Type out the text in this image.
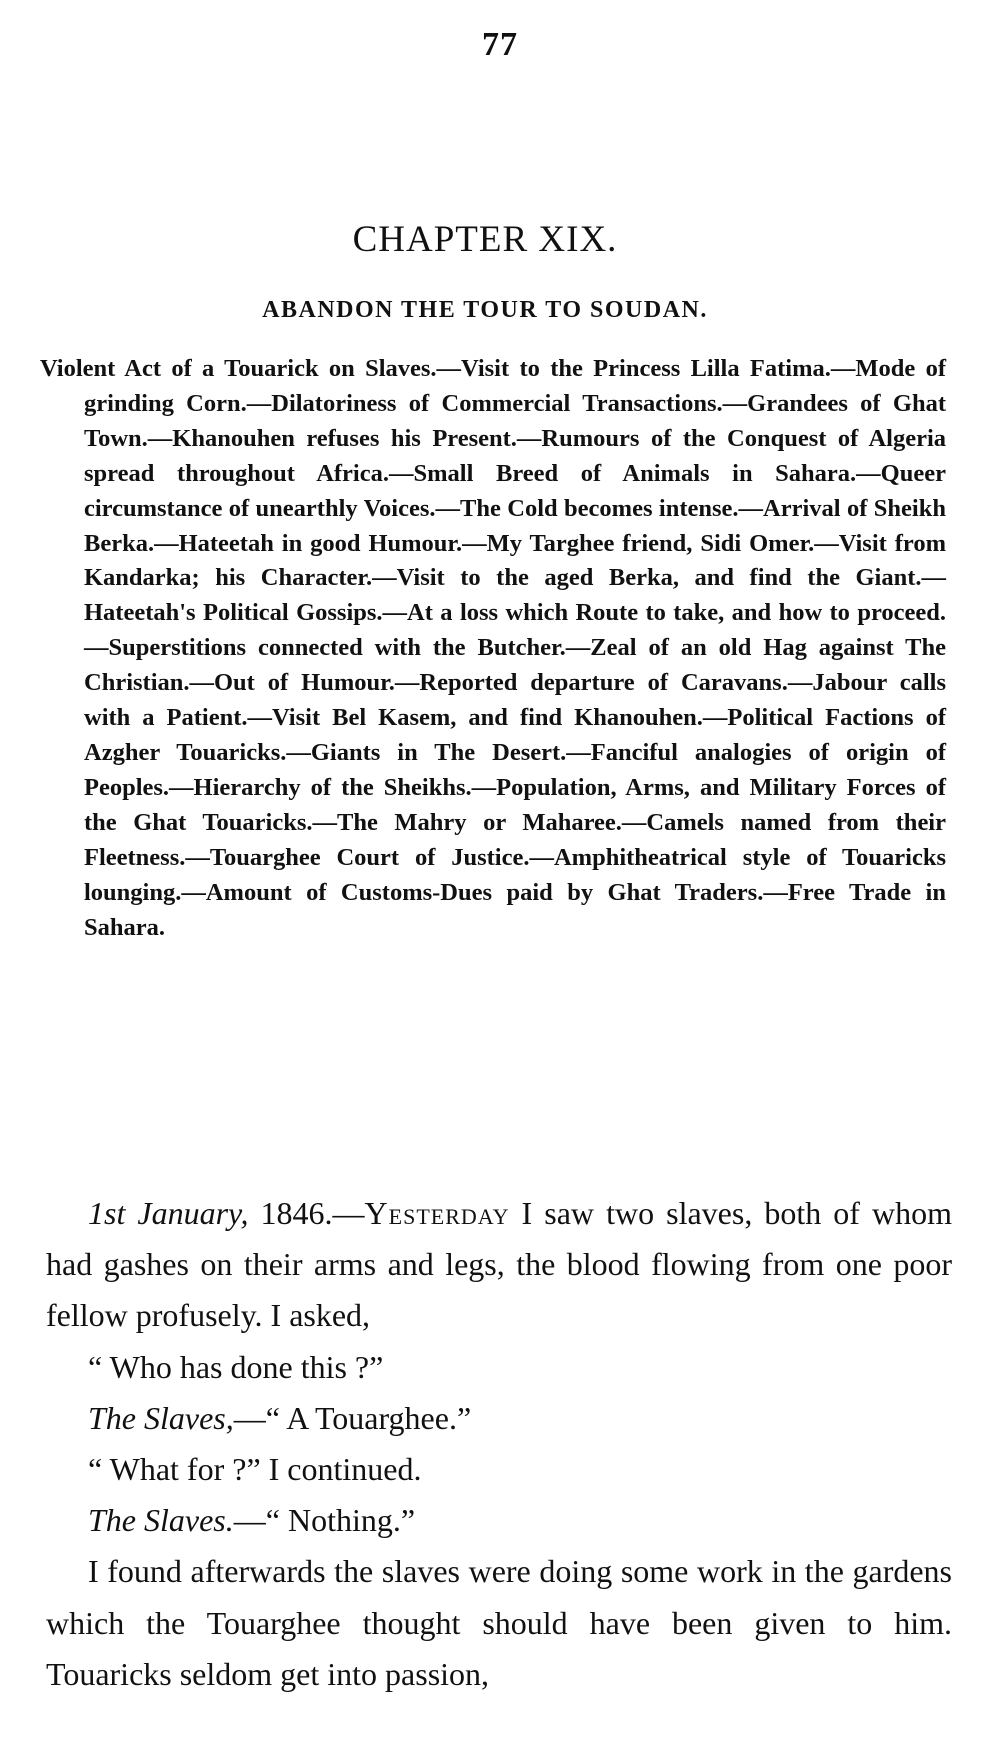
77
CHAPTER XIX.
ABANDON THE TOUR TO SOUDAN.
Violent Act of a Touarick on Slaves.—Visit to the Princess Lilla Fatima.—Mode of grinding Corn.—Dilatoriness of Commercial Transactions.—Grandees of Ghat Town.—Khanouhen refuses his Present.—Rumours of the Conquest of Algeria spread throughout Africa.—Small Breed of Animals in Sahara.—Queer circumstance of unearthly Voices.—The Cold becomes intense.—Arrival of Sheikh Berka.—Hateetah in good Humour.—My Targhee friend, Sidi Omer.—Visit from Kandarka; his Character.—Visit to the aged Berka, and find the Giant.—Hateetah's Political Gossips.—At a loss which Route to take, and how to proceed.—Superstitions connected with the Butcher.—Zeal of an old Hag against The Christian.—Out of Humour.—Reported departure of Caravans.—Jabour calls with a Patient.—Visit Bel Kasem, and find Khanouhen.—Political Factions of Azgher Touaricks.—Giants in The Desert.—Fanciful analogies of origin of Peoples.—Hierarchy of the Sheikhs.—Population, Arms, and Military Forces of the Ghat Touaricks.—The Mahry or Maharee.—Camels named from their Fleetness.—Touarghee Court of Justice.—Amphitheatrical style of Touaricks lounging.—Amount of Customs-Dues paid by Ghat Traders.—Free Trade in Sahara.

1st January, 1846.—Yesterday I saw two slaves, both of whom had gashes on their arms and legs, the blood flowing from one poor fellow profusely. I asked,

“ Who has done this ?”

The Slaves,—“ A Touarghee.”

“ What for ?” I continued.

The Slaves.—“ Nothing.”

I found afterwards the slaves were doing some work in the gardens which the Touarghee thought should have been given to him. Touaricks seldom get into passion,
